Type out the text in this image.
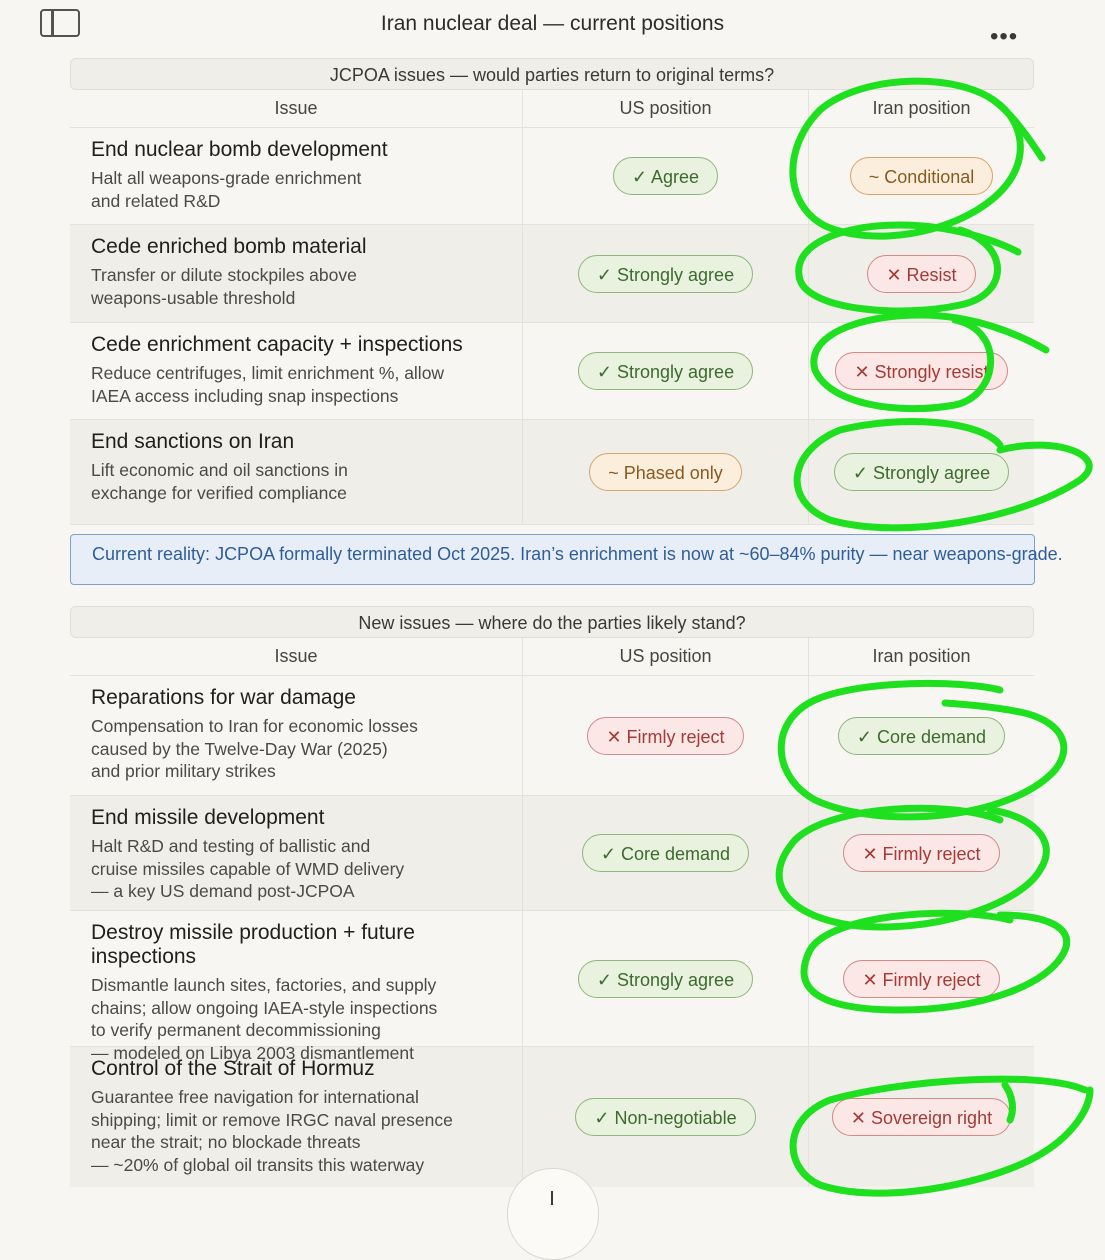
Iran nuclear deal — current positions	•••
JCPOA issues — would parties return to original terms?
Issue	US position	Iran position
End nuclear bomb development
Halt all weapons-grade enrichment
and related R&D
✓ Agree	~ Conditional
Cede enriched bomb material
Transfer or dilute stockpiles above
weapons-usable threshold
✓ Strongly agree	✕ Resist
Cede enrichment capacity + inspections
Reduce centrifuges, limit enrichment %, allow
IAEA access including snap inspections
✓ Strongly agree	✕ Strongly resist
End sanctions on Iran
Lift economic and oil sanctions in
exchange for verified compliance
~ Phased only	✓ Strongly agree
Current reality: JCPOA formally terminated Oct 2025. Iran’s enrichment is now at ~60–84% purity — near weapons-grade.
New issues — where do the parties likely stand?
Issue	US position	Iran position
Reparations for war damage
Compensation to Iran for economic losses
caused by the Twelve-Day War (2025)
and prior military strikes
✕ Firmly reject	✓ Core demand
End missile development
Halt R&D and testing of ballistic and
cruise missiles capable of WMD delivery
— a key US demand post-JCPOA
✓ Core demand	✕ Firmly reject
Destroy missile production + future inspections
Dismantle launch sites, factories, and supply
chains; allow ongoing IAEA-style inspections
to verify permanent decommissioning
— modeled on Libya 2003 dismantlement
✓ Strongly agree	✕ Firmly reject
Control of the Strait of Hormuz
Guarantee free navigation for international
shipping; limit or remove IRGC naval presence
near the strait; no blockade threats
— ~20% of global oil transits this waterway
✓ Non-negotiable	✕ Sovereign right
